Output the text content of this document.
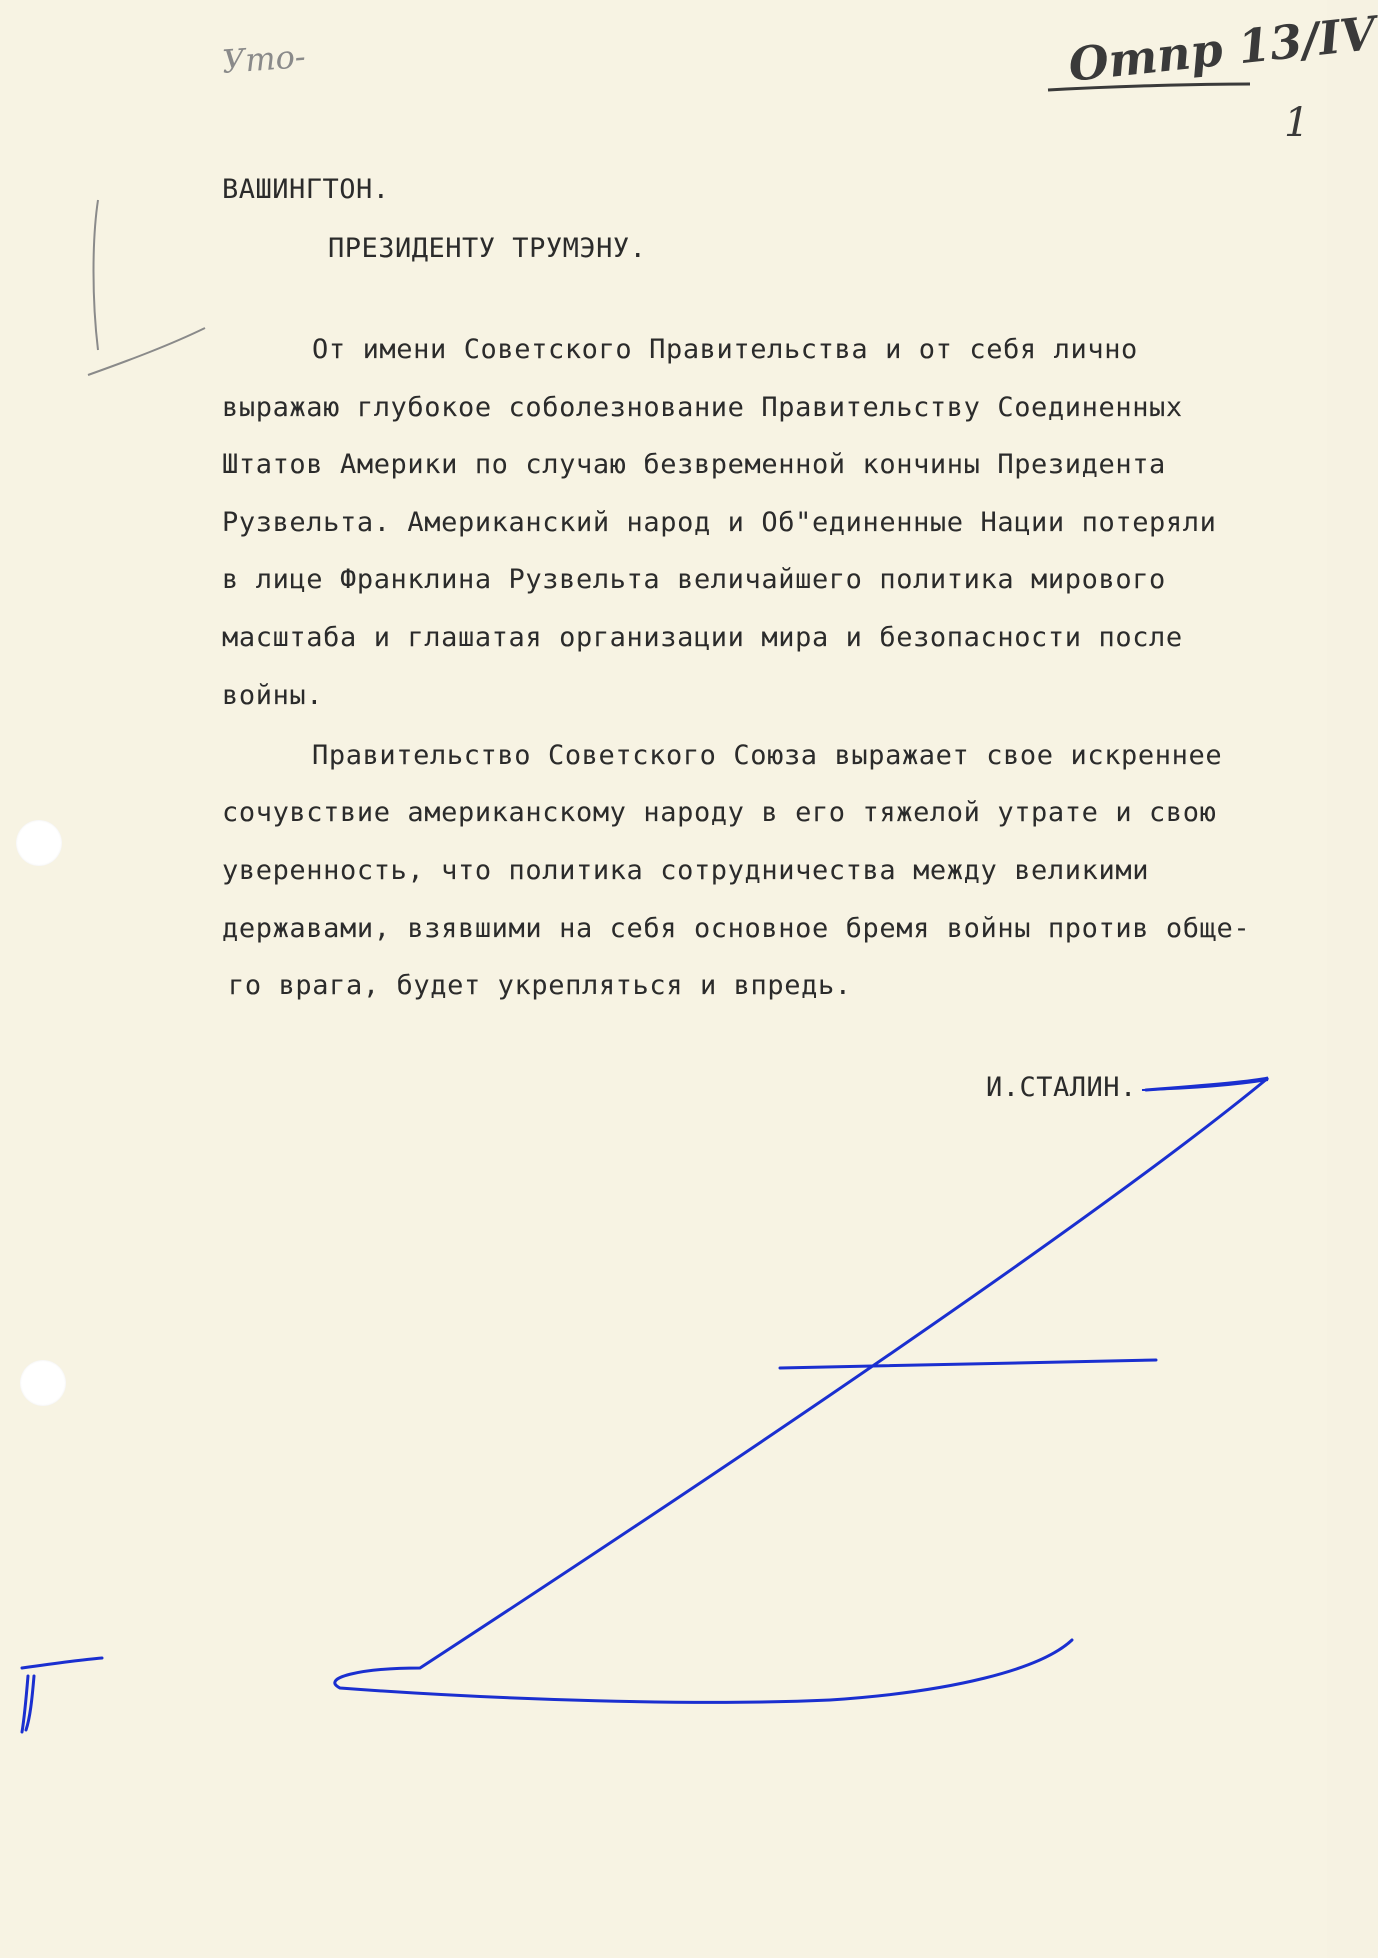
Уто-	Отпр 13/IV
1
ВАШИНГТОН.
ПРЕЗИДЕНТУ ТРУМЭНУ.
От имени Советского Правительства и от себя лично
выражаю глубокое соболезнование Правительству Соединенных
Штатов Америки по случаю безвременной кончины Президента
Рузвельта. Американский народ и Об"единенные Нации потеряли
в лице Франклина Рузвельта величайшего политика мирового
масштаба и глашатая организации мира и безопасности после
войны.
Правительство Советского Союза выражает свое искреннее
сочувствие американскому народу в его тяжелой утрате и свою
уверенность, что политика сотрудничества между великими
державами, взявшими на себя основное бремя войны против обще-
го врага, будет укрепляться и впредь.
И.СТАЛИН.
